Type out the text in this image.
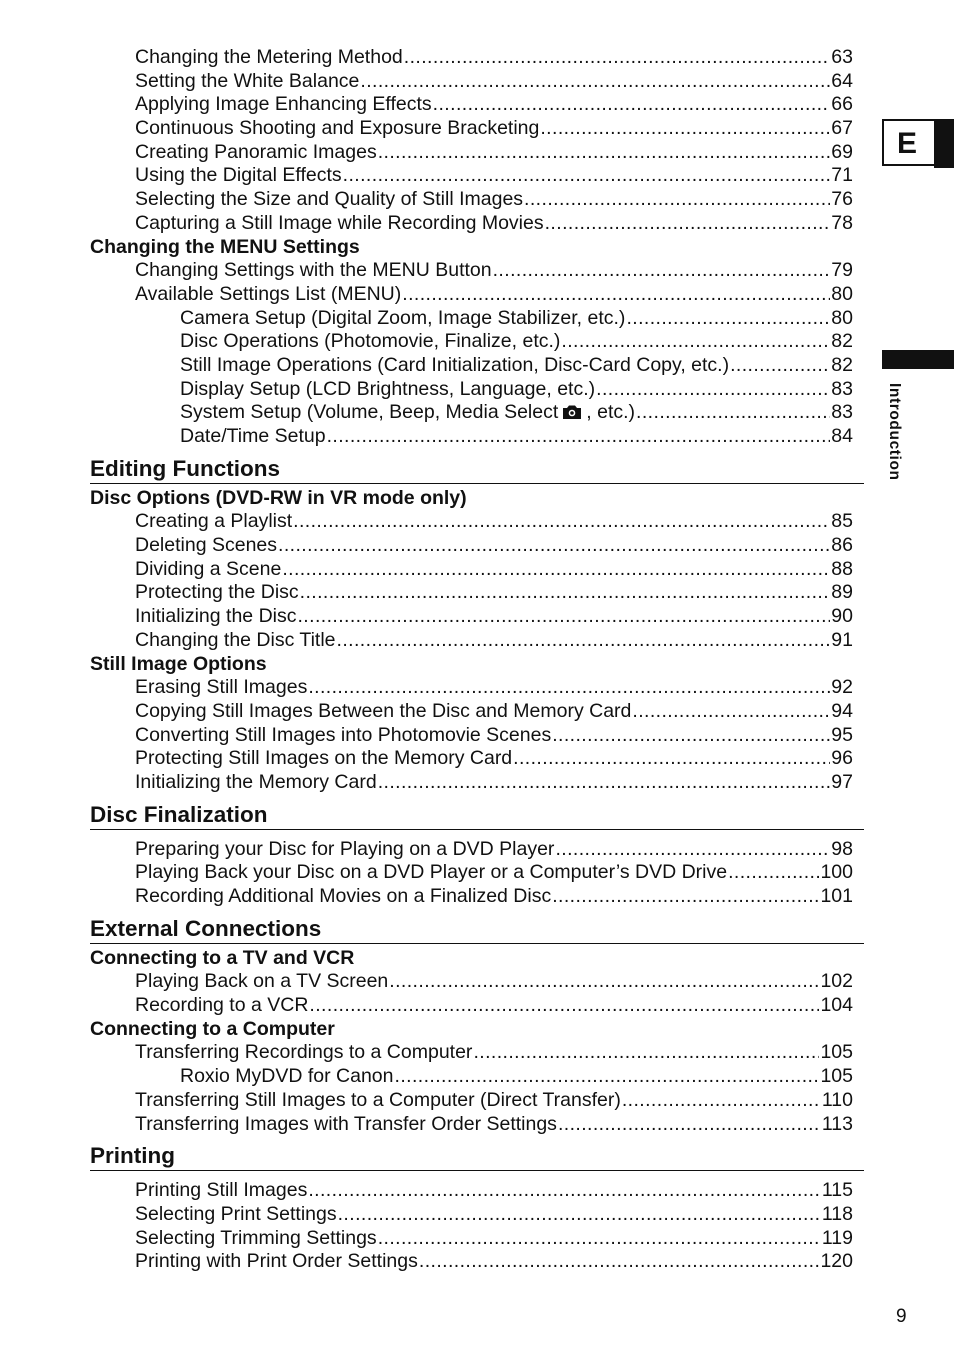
E
Introduction
Changing the Metering Method .....	63
Setting the White Balance .....	64
Applying Image Enhancing Effects .....	66
Continuous Shooting and Exposure Bracketing .....	67
Creating Panoramic Images .....	69
Using the Digital Effects .....	71
Selecting the Size and Quality of Still Images .....	76
Capturing a Still Image while Recording Movies .....	78
Changing the MENU Settings
Changing Settings with the MENU Button .....	79
Available Settings List (MENU) .....	80
Camera Setup (Digital Zoom, Image Stabilizer, etc.) .....	80
Disc Operations (Photomovie, Finalize, etc.) .....	82
Still Image Operations (Card Initialization, Disc-Card Copy, etc.) .....	82
Display Setup (LCD Brightness, Language, etc.) .....	83
System Setup (Volume, Beep, Media Select , etc.) .....	83
Date/Time Setup .....	84
Editing Functions
Disc Options (DVD-RW in VR mode only)
Creating a Playlist .....	85
Deleting Scenes .....	86
Dividing a Scene .....	88
Protecting the Disc .....	89
Initializing the Disc .....	90
Changing the Disc Title .....	91
Still Image Options
Erasing Still Images .....	92
Copying Still Images Between the Disc and Memory Card .....	94
Converting Still Images into Photomovie Scenes .....	95
Protecting Still Images on the Memory Card .....	96
Initializing the Memory Card .....	97
Disc Finalization
Preparing your Disc for Playing on a DVD Player .....	98
Playing Back your Disc on a DVD Player or a Computer’s DVD Drive .....	100
Recording Additional Movies on a Finalized Disc .....	101
External Connections
Connecting to a TV and VCR
Playing Back on a TV Screen .....	102
Recording to a VCR .....	104
Connecting to a Computer
Transferring Recordings to a Computer .....	105
Roxio MyDVD for Canon .....	105
Transferring Still Images to a Computer (Direct Transfer) .....	110
Transferring Images with Transfer Order Settings .....	113
Printing
Printing Still Images .....	115
Selecting Print Settings .....	118
Selecting Trimming Settings .....	119
Printing with Print Order Settings .....	120
9
